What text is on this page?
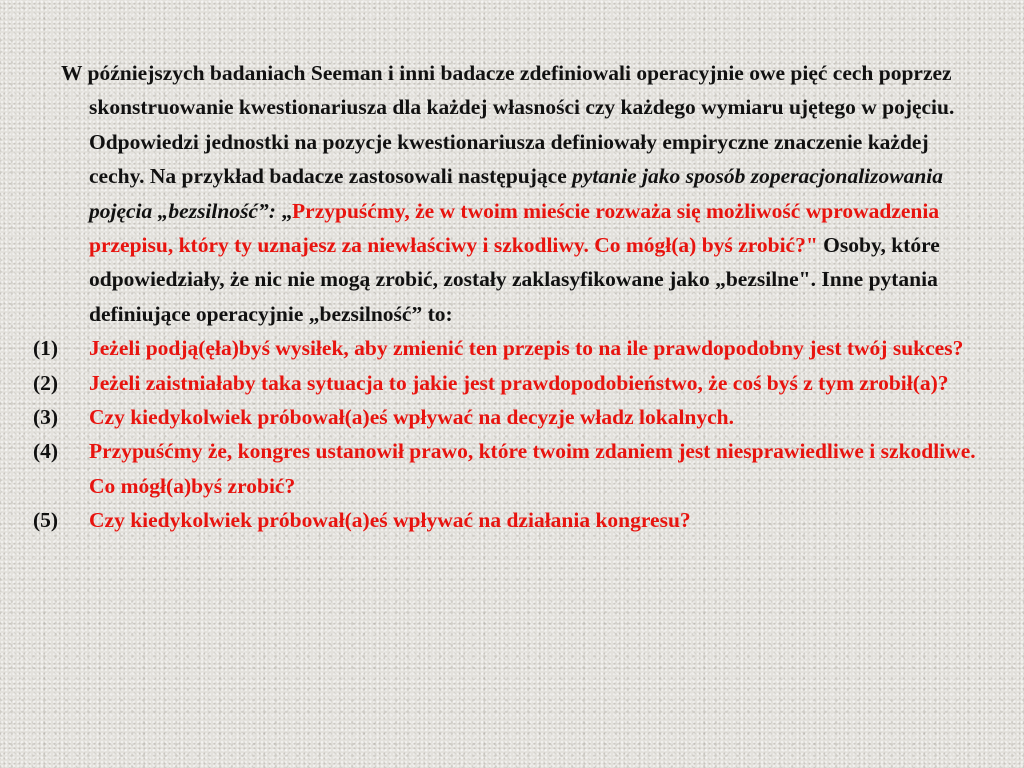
W późniejszych badaniach Seeman i inni badacze zdefiniowali operacyjnie owe pięć cech poprzez skonstruowanie kwestionariusza dla każdej własności czy każdego wymiaru ujętego w pojęciu. Odpowiedzi jednostki na pozycje kwestionariusza definiowały empiryczne znaczenie każdej cechy. Na przykład badacze zastosowali następujące pytanie jako sposób zoperacjonalizowania pojęcia „bezsilność”: „Przypuśćmy, że w twoim mieście rozważa się możliwość wprowadzenia przepisu, który ty uznajesz za niewłaściwy i szkodliwy. Co mógł(a) byś zrobić?" Osoby, które odpowiedziały, że nic nie mogą zrobić, zostały zaklasyfikowane jako „bezsilne". Inne pytania definiujące operacyjnie „bezsilność” to:

(1) Jeżeli podją(ęła)byś wysiłek, aby zmienić ten przepis to na ile prawdopodobny jest twój sukces?
(2) Jeżeli zaistniałaby taka sytuacja to jakie jest prawdopodobieństwo, że coś byś z tym zrobił(a)?
(3) Czy kiedykolwiek próbował(a)eś wpływać na decyzje władz lokalnych.
(4) Przypuśćmy że, kongres ustanowił prawo, które twoim zdaniem jest niesprawiedliwe i szkodliwe. Co mógł(a)byś zrobić?
(5) Czy kiedykolwiek próbował(a)eś wpływać na działania kongresu?
